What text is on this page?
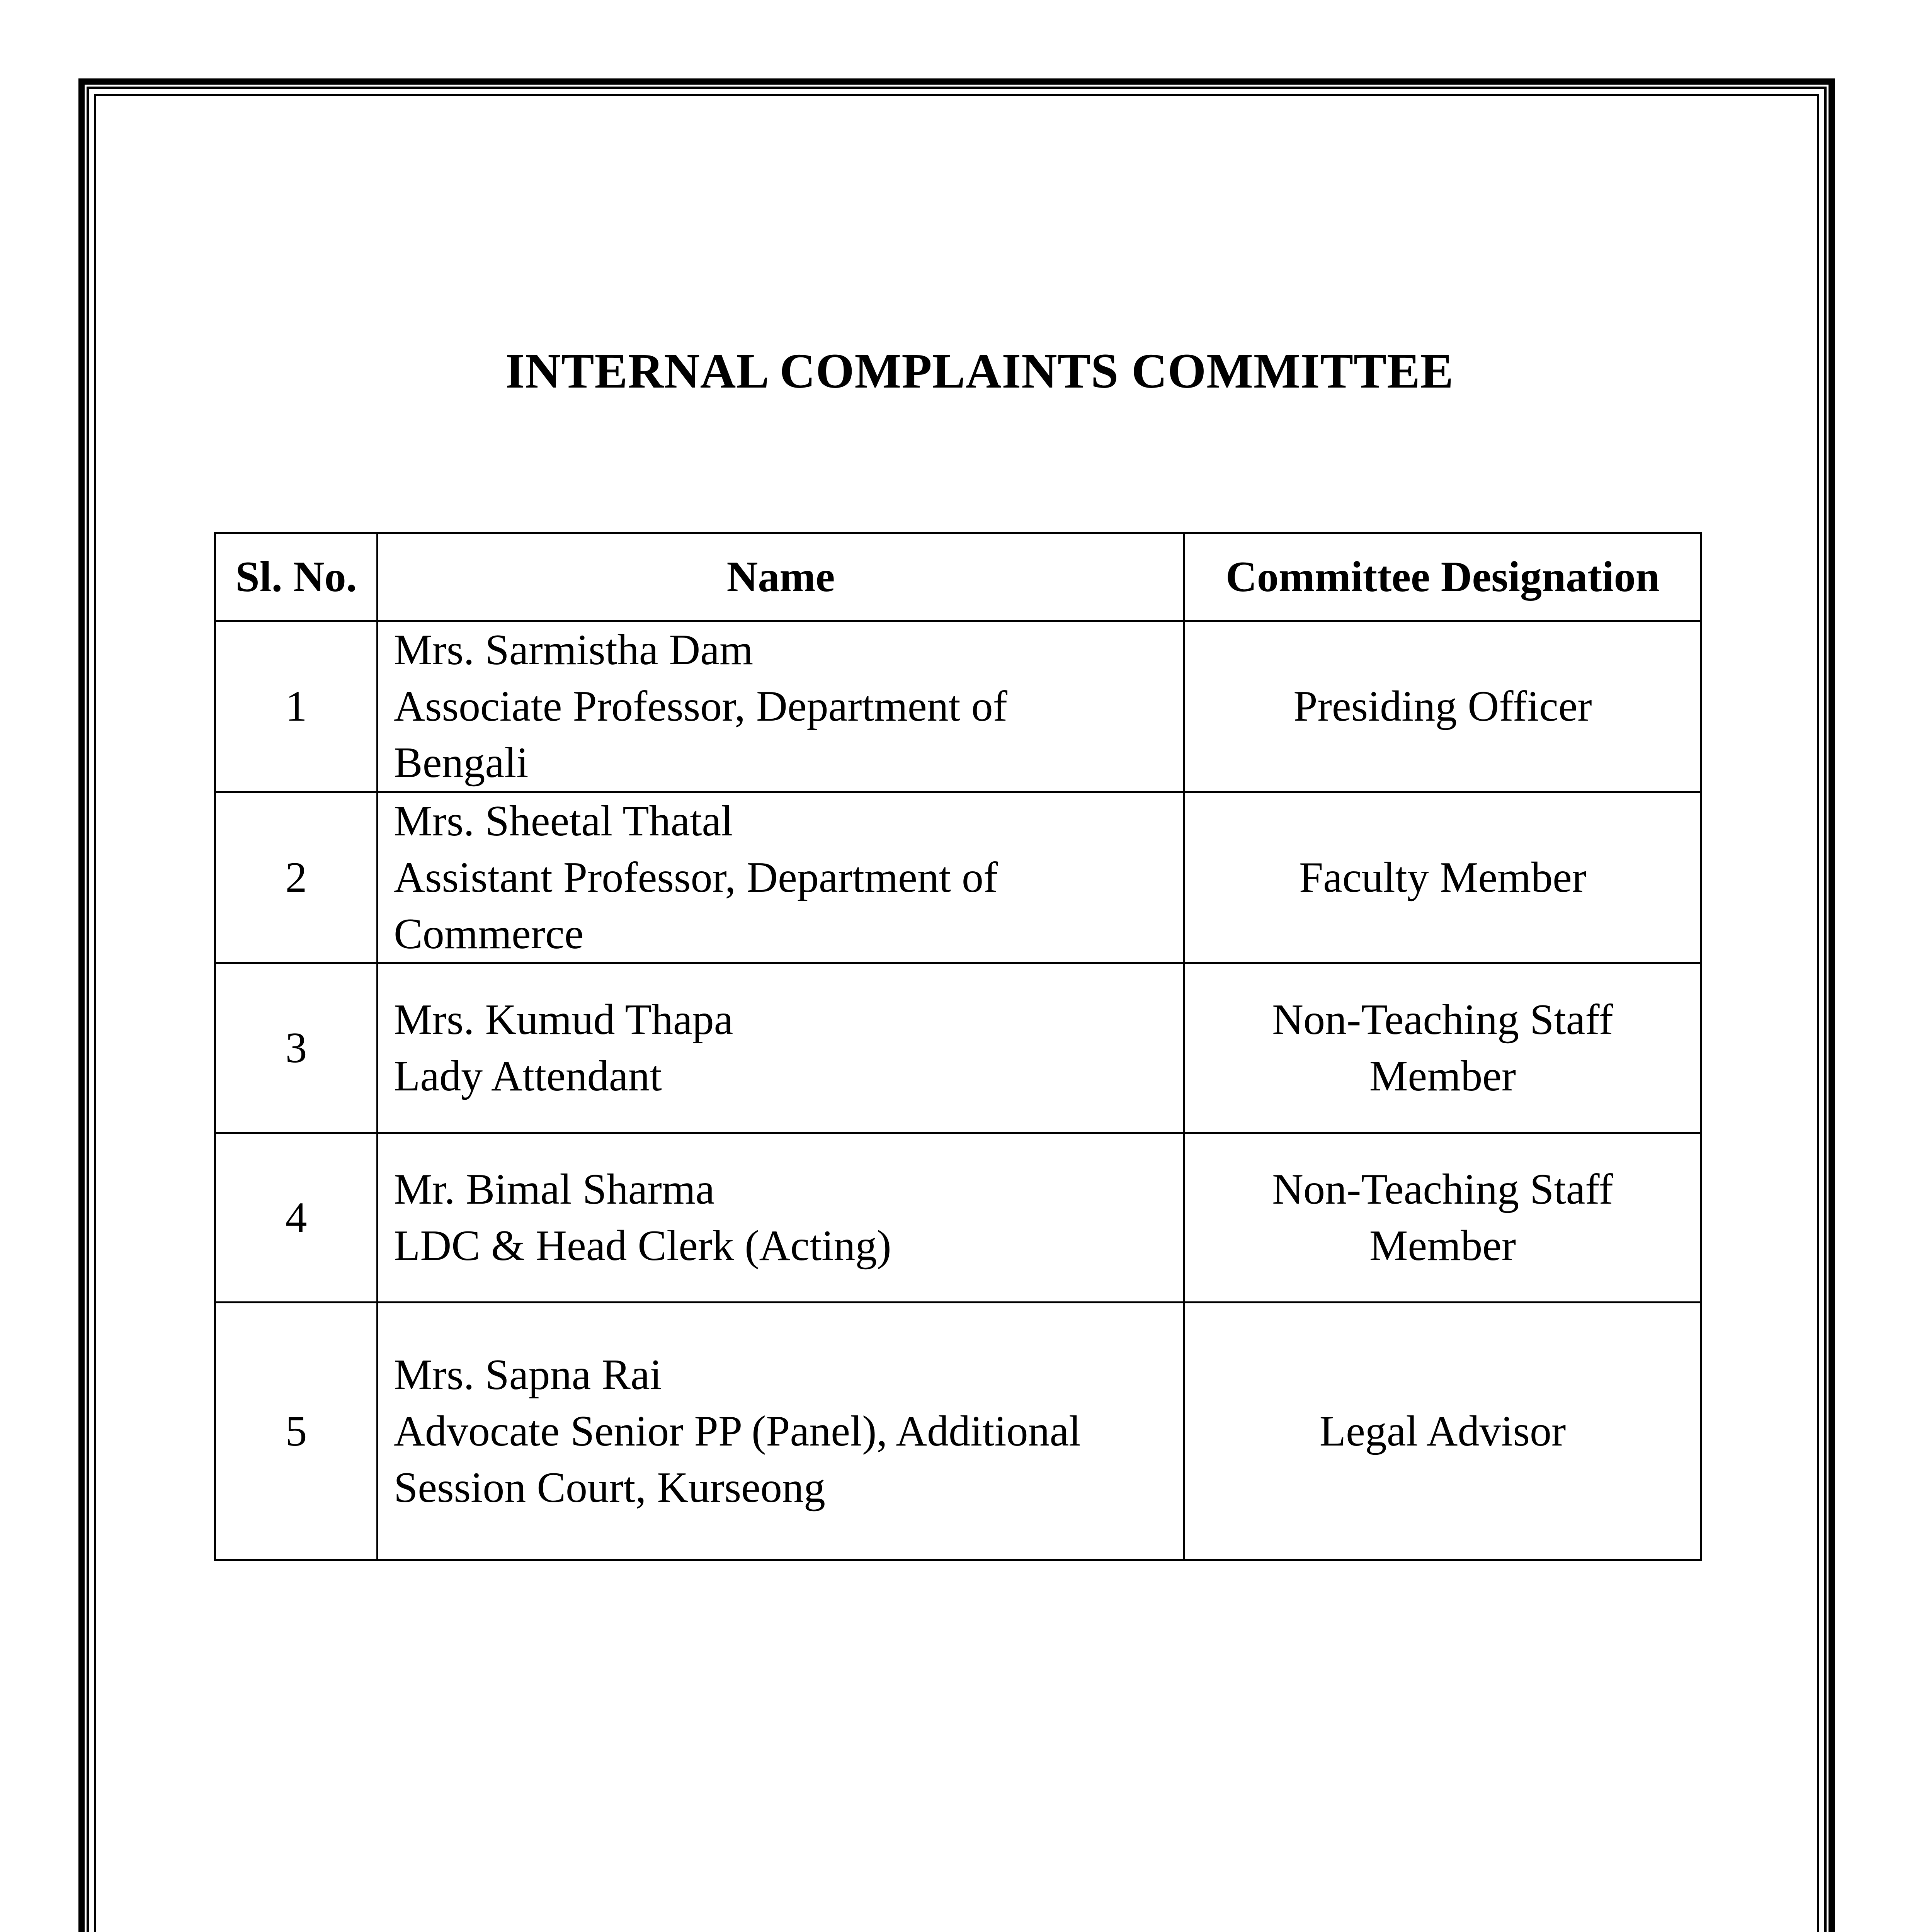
INTERNAL COMPLAINTS COMMITTEE
Sl. No.	Name	Committee Designation
1	Mrs. Sarmistha Dam
Associate Professor, Department of
Bengali	Presiding Officer

2	Mrs. Sheetal Thatal
Assistant Professor, Department of
Commerce	Faculty Member

3	Mrs. Kumud Thapa
Lady Attendant	Non-Teaching Staff
Member

4	Mr. Bimal Sharma
LDC & Head Clerk (Acting)	Non-Teaching Staff
Member

5	Mrs. Sapna Rai
Advocate Senior PP (Panel), Additional
Session Court, Kurseong	Legal Advisor
